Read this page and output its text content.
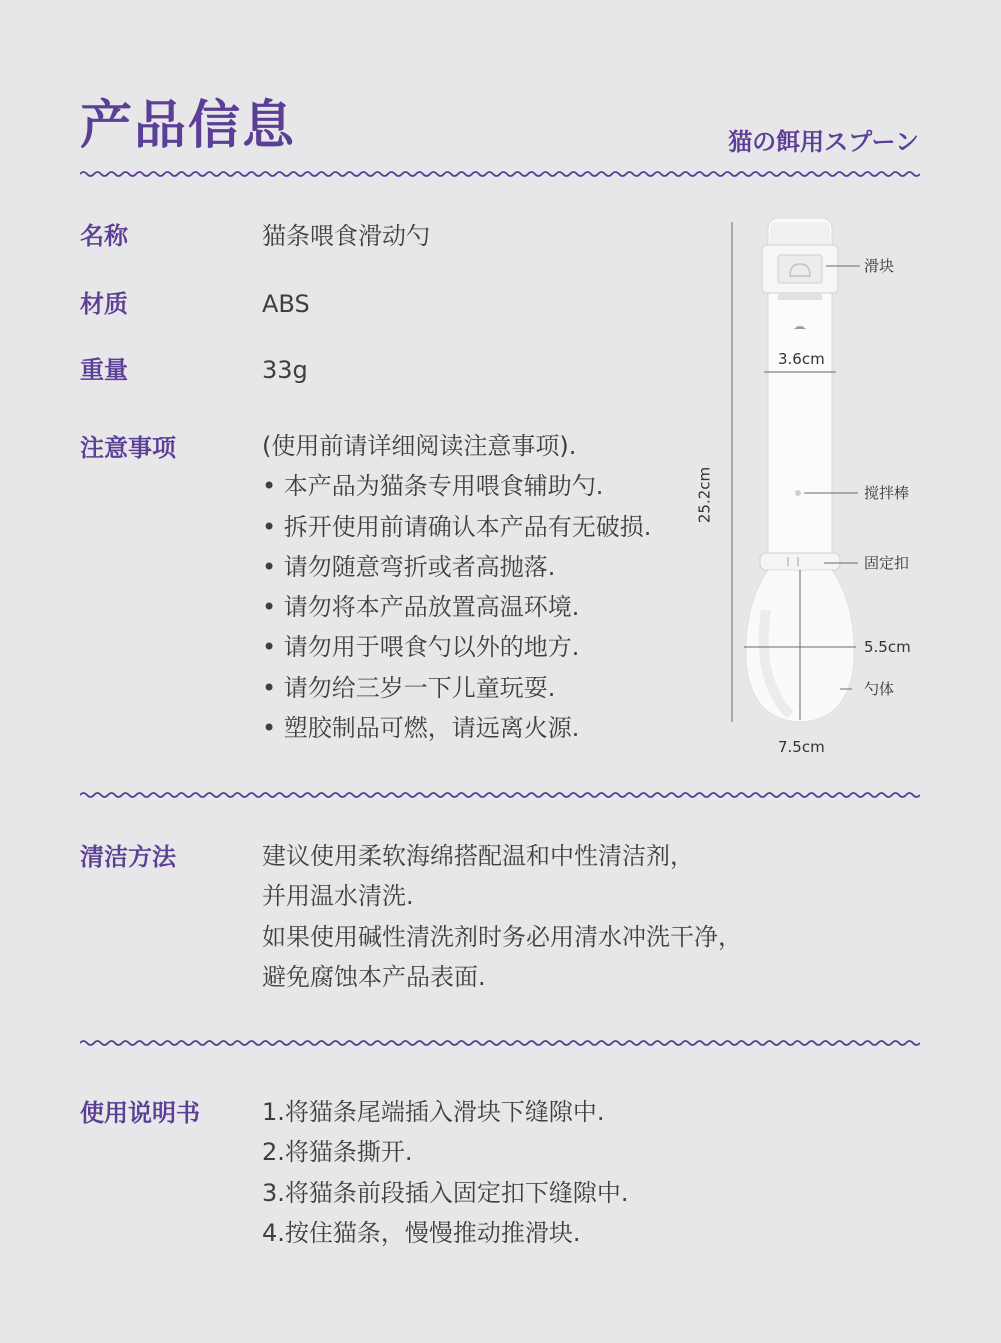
产品信息	猫の餌用スプーン
名称	猫条喂食滑动勺
材质	ABS
重量	33g
注意事项	(使用前请详细阅读注意事项).
• 本产品为猫条专用喂食辅助勺.
• 拆开使用前请确认本产品有无破损.
• 请勿随意弯折或者高抛落.
• 请勿将本产品放置高温环境.
• 请勿用于喂食勺以外的地方.
• 请勿给三岁一下儿童玩耍.
• 塑胶制品可燃，请远离火源.
滑块
3.6cm
25.2cm	搅拌棒
固定扣
5.5cm
勺体
7.5cm
清洁方法	建议使用柔软海绵搭配温和中性清洁剂，
并用温水清洗.
如果使用碱性清洗剂时务必用清水冲洗干净，
避免腐蚀本产品表面.
使用说明书	1.将猫条尾端插入滑块下缝隙中.
2.将猫条撕开.
3.将猫条前段插入固定扣下缝隙中.
4.按住猫条，慢慢推动推滑块.
